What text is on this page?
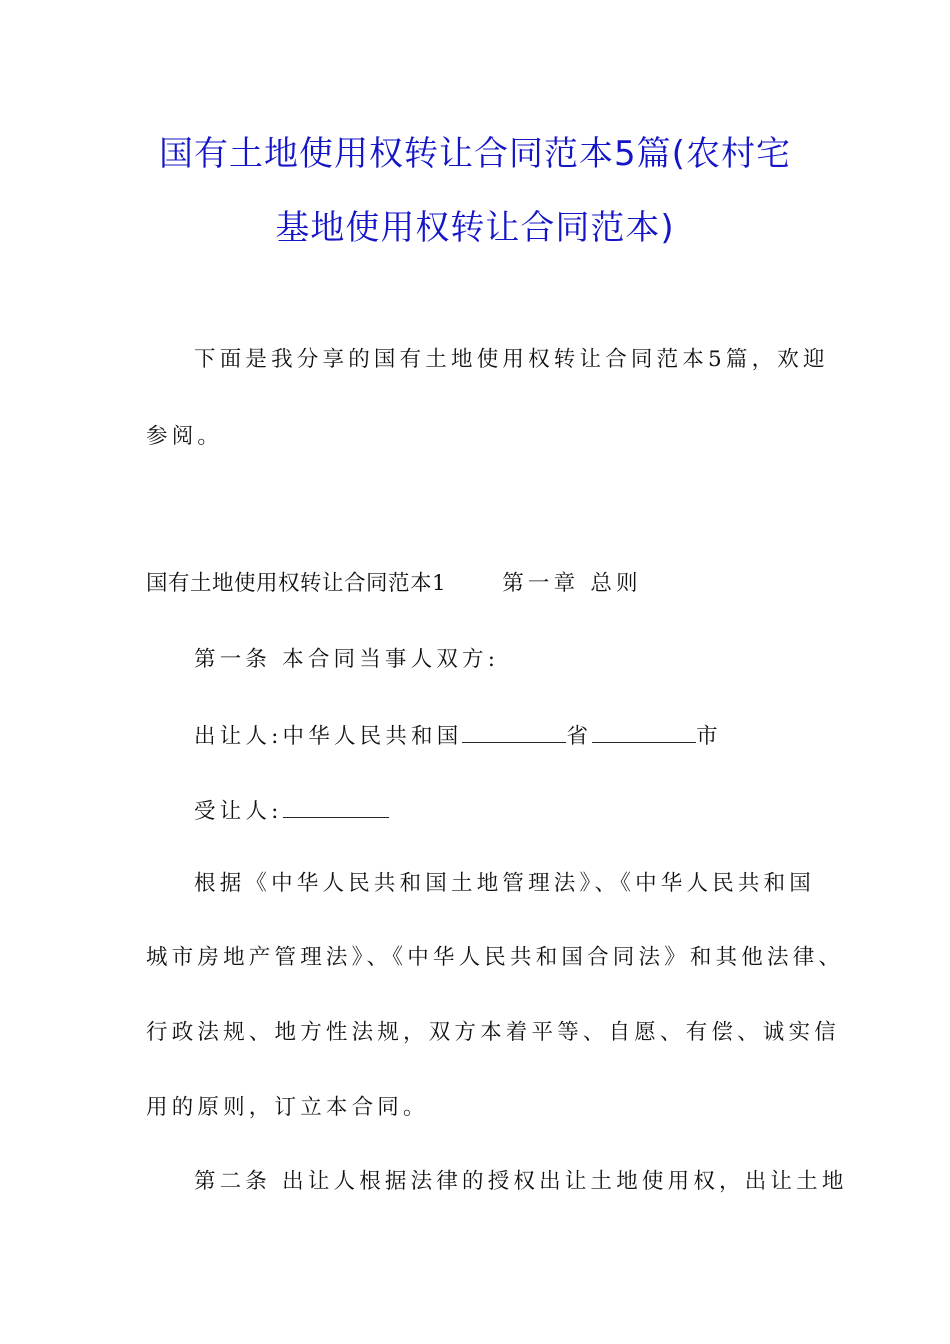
国有土地使用权转让合同范本5篇(农村宅
基地使用权转让合同范本)
下面是我分享的国有土地使用权转让合同范本5篇，欢迎
参阅。
国有土地使用权转让合同范本1	第一章 总则
第一条 本合同当事人双方:
出让人:中华人民共和国	省	市
受让人:
根据《中华人民共和国土地管理法》、《中华人民共和国
城市房地产管理法》、《中华人民共和国合同法》和其他法律、
行政法规、地方性法规，双方本着平等、自愿、有偿、诚实信
用的原则，订立本合同。
第二条 出让人根据法律的授权出让土地使用权，出让土地
